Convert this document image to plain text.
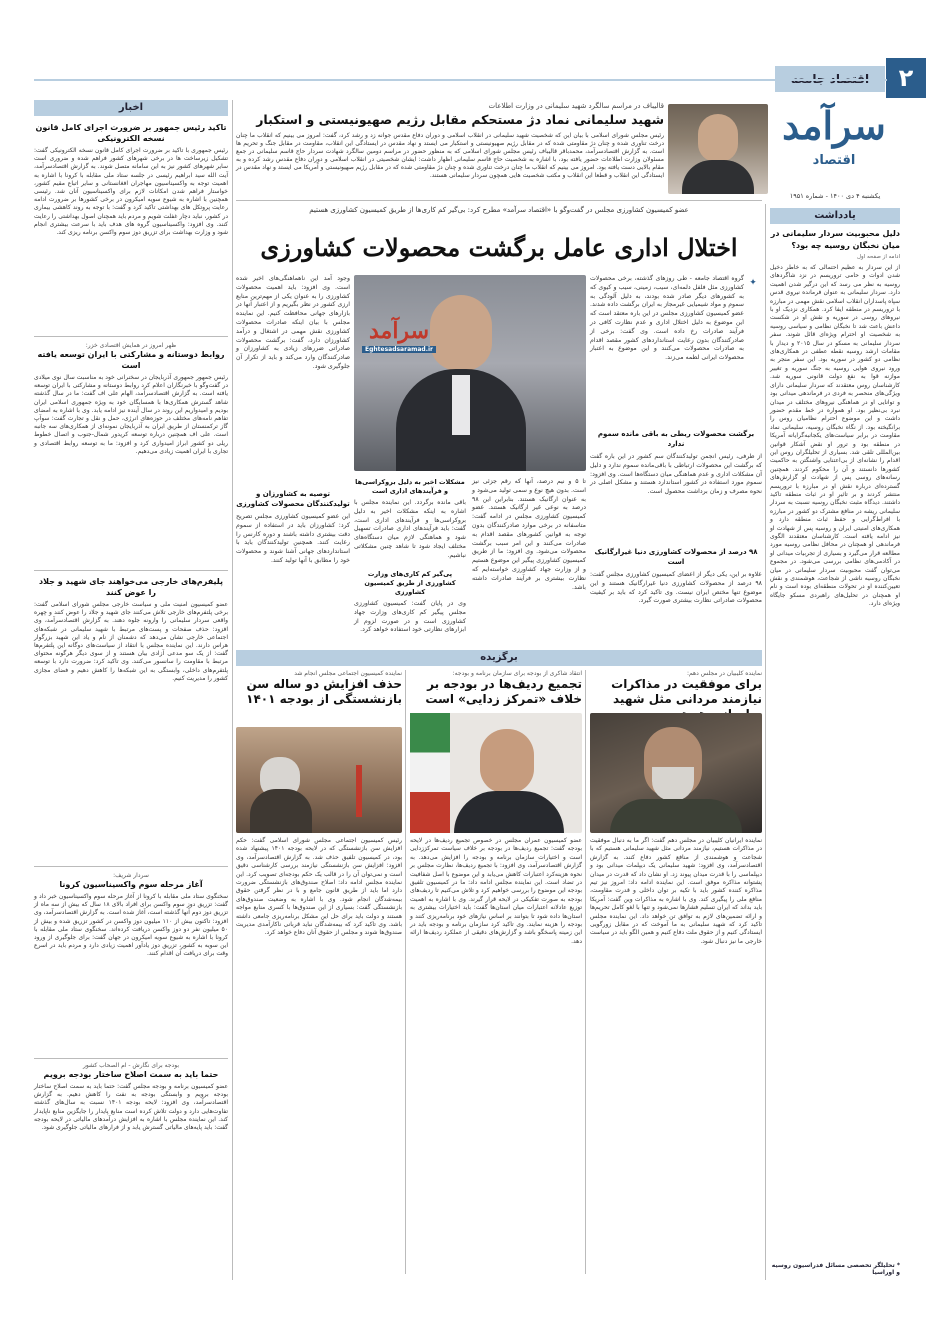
۲
سرآمد
اقتصاد
یکشنبه ۴ دی ۱۴۰۰ - شماره ۱۹۵۱
قالیباف در مراسم سالگرد شهید سلیمانی در وزارت اطلاعات
شهید سلیمانی نماد دژ مستحکم مقابل رژیم صهیونیستی و استکبار
رئیس مجلس شورای اسلامی با بیان این که شخصیت شهید سلیمانی در انقلاب اسلامی و دوران دفاع مقدس جوانه زد و رشد کرد، گفت: امروز می بینیم که انقلاب ما چنان درخت تناوری شده و چنان دژ مقاومتی شده که در مقابل رژیم صهیونیستی و استکبار می ایستد و نهاد مقدس در ایستادگی این انقلاب، مقاومت در مقابل جنگ و تحریم ها است. به گزارش اقتصادسرآمد، محمدباقر قالیباف رئیس مجلس شورای اسلامی که به منظور حضور در مراسم دومین سالگرد شهادت سردار حاج قاسم سلیمانی در جمع مسئولان وزارت اطلاعات حضور یافته بود، با اشاره به شخصیت حاج قاسم سلیمانی اظهار داشت: ایشان شخصیتی در انقلاب اسلامی و دوران دفاع مقدس رشد کرده و به مقام بالایی دست یافته بود. امروز می بینیم که انقلاب ما چنان درخت تناوری شده و چنان دژ مقاومتی شده که در مقابل رژیم صهیونیستی و آمریکا می ایستد و نهاد مقدس در ایستادگی این انقلاب و قطعا این انقلاب و مکتب شخصیت هایی همچون سردار سلیمانی هستند.
اخبار
تاکید رئیس جمهور بر ضرورت اجرای کامل قانون نسخه الکترونیکی
رئیس جمهوری با تاکید بر ضرورت اجرای کامل قانون نسخه الکترونیکی گفت: تشکیل زیرساخت ها در برخی شهرهای کشور فراهم شده و ضروری است سایر شهرهای کشور نیز به این سامانه متصل شوند. به گزارش اقتصادسرآمد، آیت الله سید ابراهیم رئیسی در جلسه ستاد ملی مقابله با کرونا با اشاره به اهمیت توجه به واکسیناسیون مهاجران افغانستانی و سایر اتباع مقیم کشور، خواستار فراهم شدن امکانات لازم برای واکسیناسیون آنان شد. رئیسی همچنین با اشاره به شیوع سویه امیکرون در برخی کشورها بر ضرورت ادامه رعایت پروتکل های بهداشتی تاکید کرد و گفت: با توجه به روند کاهشی بیماری در کشور، نباید دچار غفلت شویم و مردم باید همچنان اصول بهداشتی را رعایت کنند. وی افزود: واکسیناسیون گروه های هدف باید با سرعت بیشتری انجام شود و وزارت بهداشت برای تزریق دوز سوم واکسن برنامه ریزی کند.
ظهر امروز در همایش اقتصادی خزر:
روابط دوستانه و مشارکتی با ایران توسعه یافته است
رئیس جمهور جمهوری آذربایجان در سخنرانی خود به مناسبت سال نوی میلادی در گفت‌وگو با خبرنگاران اعلام کرد روابط دوستانه و مشارکتی با ایران توسعه یافته است. به گزارش اقتصادسرآمد، الهام علی اف گفت: ما در سال گذشته شاهد گسترش همکاری‌ها با همسایگان خود به ویژه جمهوری اسلامی ایران بودیم و امیدواریم این روند در سال آینده نیز ادامه یابد. وی با اشاره به امضای تفاهم نامه‌های مختلف در حوزه‌های انرژی، حمل و نقل و تجارت گفت: سوآپ گاز ترکمنستان از طریق ایران به آذربایجان نمونه‌ای از همکاری‌های سه جانبه است. علی اف همچنین درباره توسعه کریدور شمال-جنوب و اتصال خطوط ریلی دو کشور ابراز امیدواری کرد و افزود: ما به توسعه روابط اقتصادی و تجاری با ایران اهمیت زیادی می‌دهیم.
پلیفرم‌های خارجی می‌خواهند جای شهید و جلاد را عوض کنند
عضو کمیسیون امنیت ملی و سیاست خارجی مجلس شورای اسلامی گفت: برخی پلتفرم‌های خارجی تلاش می‌کنند جای شهید و جلاد را عوض کنند و چهره واقعی سردار سلیمانی را وارونه جلوه دهند. به گزارش اقتصادسرآمد، وی افزود: حذف صفحات و پست‌های مرتبط با شهید سلیمانی در شبکه‌های اجتماعی خارجی نشان می‌دهد که دشمنان از نام و یاد این شهید بزرگوار هراس دارند. این نماینده مجلس با انتقاد از سیاست‌های دوگانه این پلتفرم‌ها گفت: از یک سو مدعی آزادی بیان هستند و از سوی دیگر هرگونه محتوای مرتبط با مقاومت را سانسور می‌کنند. وی تاکید کرد: ضرورت دارد با توسعه پلتفرم‌های داخلی، وابستگی به این شبکه‌ها را کاهش دهیم و فضای مجازی کشور را مدیریت کنیم.
سردار شریف:
آغاز مرحله سوم واکسیناسیون کرونا
سخنگوی ستاد ملی مقابله با کرونا از آغاز مرحله سوم واکسیناسیون خبر داد و گفت: تزریق دوز سوم واکسن برای افراد بالای ۱۸ سال که بیش از سه ماه از تزریق دوز دوم آنها گذشته است، آغاز شده است. به گزارش اقتصادسرآمد، وی افزود: تاکنون بیش از ۱۱۰ میلیون دوز واکسن در کشور تزریق شده و بیش از ۵۰ میلیون نفر دو دوز واکسن دریافت کرده‌اند. سخنگوی ستاد ملی مقابله با کرونا با اشاره به شیوع سویه امیکرون در جهان گفت: برای جلوگیری از ورود این سویه به کشور، تزریق دوز یادآور اهمیت زیادی دارد و مردم باید در اسرع وقت برای دریافت آن اقدام کنند.
بودجه برای نگارش - ام الصحاب کشور
حتما باید به سمت اصلاح ساختار بودجه برویم
عضو کمیسیون برنامه و بودجه مجلس گفت: حتما باید به سمت اصلاح ساختار بودجه برویم و وابستگی بودجه به نفت را کاهش دهیم. به گزارش اقتصادسرآمد، وی افزود: لایحه بودجه ۱۴۰۱ نسبت به سال‌های گذشته تفاوت‌هایی دارد و دولت تلاش کرده است منابع پایدار را جایگزین منابع ناپایدار کند. این نماینده مجلس با اشاره به افزایش درآمدهای مالیاتی در لایحه بودجه گفت: باید پایه‌های مالیاتی گسترش یابد و از فرارهای مالیاتی جلوگیری شود.
یادداشت
دلیل محبوبیت سردار سلیمانی در میان نخبگان روسیه چه بود؟
ادامه از صفحه اول
از این سردار به عظیم احتمالی که به خاطر دخیل شدن ادوات و حامی تروریسم در نزد شاگردهای روسیه به نظر می رسد که این درگیر شدن اهمیت دارد. سردار سلیمانی به عنوان فرمانده نیروی قدس سپاه پاسداران انقلاب اسلامی نقش مهمی در مبارزه با تروریسم در منطقه ایفا کرد. همکاری نزدیک او با نیروهای روسی در سوریه و نقش او در شکست داعش باعث شد تا نخبگان نظامی و سیاسی روسیه به شخصیت او احترام ویژه‌ای قائل شوند. سفر سردار سلیمانی به مسکو در سال ۲۰۱۵ و دیدار با مقامات ارشد روسیه نقطه عطفی در همکاری‌های نظامی دو کشور در سوریه بود. این سفر منجر به ورود نیروی هوایی روسیه به جنگ سوریه و تغییر موازنه قوا به نفع دولت قانونی سوریه شد. کارشناسان روس معتقدند که سردار سلیمانی دارای ویژگی‌های منحصر به فردی در فرماندهی میدانی بود و توانایی او در هماهنگی نیروهای مختلف در میدان نبرد بی‌نظیر بود. او همواره در خط مقدم حضور داشت و این موضوع احترام نظامیان روس را برانگیخته بود. از نگاه نخبگان روسیه، سلیمانی نماد مقاومت در برابر سیاست‌های یکجانبه‌گرایانه آمریکا در منطقه بود و ترور او نقض آشکار قوانین بین‌المللی تلقی شد. بسیاری از تحلیلگران روس این اقدام را نشانه‌ای از بی‌اعتنایی واشنگتن به حاکمیت کشورها دانستند و آن را محکوم کردند. همچنین رسانه‌های روسی پس از شهادت او گزارش‌های گسترده‌ای درباره نقش او در مبارزه با تروریسم منتشر کردند و بر تاثیر او در ثبات منطقه تاکید داشتند. دیدگاه مثبت نخبگان روسیه نسبت به سردار سلیمانی ریشه در منافع مشترک دو کشور در مبارزه با افراط‌گرایی و حفظ ثبات منطقه دارد و همکاری‌های امنیتی ایران و روسیه پس از شهادت او نیز ادامه یافته است. کارشناسان معتقدند الگوی فرماندهی او همچنان در محافل نظامی روسیه مورد مطالعه قرار می‌گیرد و بسیاری از تجربیات میدانی او در آکادمی‌های نظامی بررسی می‌شود. در مجموع می‌توان گفت محبوبیت سردار سلیمانی در میان نخبگان روسیه ناشی از شجاعت، هوشمندی و نقش تعیین‌کننده او در تحولات منطقه‌ای بوده است و نام او همچنان در تحلیل‌های راهبردی مسکو جایگاه ویژه‌ای دارد.
* تحلیلگر تخصصی مسائل فدراسیون روسیه و اوراسیا
عضو کمیسیون کشاورزی مجلس در گفت‌وگو با «اقتصاد سرآمد» مطرح کرد: بی‌گیر کم کاری‌ها از طریق کمیسیون کشاورزی هستیم
اختلال اداری عامل برگشت محصولات کشاورزی
سرآمد
Eghtesadsaramad.ir
گروه اقتصاد جامعه - طی روزهای گذشته، برخی محصولات کشاورزی مثل فلفل دلمه‌ای، سیب، زمینی، سیب و کیوی که به کشورهای دیگر صادر شده بودند، به دلیل آلودگی به سموم و مواد شیمیایی غیرمجاز به ایران برگشت داده شدند. عضو کمیسیون کشاورزی مجلس در این باره معتقد است که این موضوع به دلیل اختلال اداری و عدم نظارت کافی در فرآیند صادرات رخ داده است. وی گفت: برخی از صادرکنندگان بدون رعایت استانداردهای کشور مقصد اقدام به صادرات محصولات می‌کنند و این موضوع به اعتبار محصولات ایرانی لطمه می‌زند.
برگشت محصولات ربطی به باقی مانده سموم ندارد
از طرفی، رئیس انجمن تولیدکنندگان سم کشور در این باره گفت که برگشت این محصولات ارتباطی با باقی‌مانده سموم ندارد و دلیل آن مشکلات اداری و عدم هماهنگی میان دستگاه‌ها است. وی افزود: سموم مورد استفاده در کشور استاندارد هستند و مشکل اصلی در نحوه مصرف و زمان برداشت محصول است.
۹۸ درصد از محصولات کشاورزی دنیا غیرارگانیک است
علاوه بر این، یکی دیگر از اعضای کمیسیون کشاورزی مجلس گفت: ۹۸ درصد از محصولات کشاورزی دنیا غیرارگانیک هستند و این موضوع تنها مختص ایران نیست. وی تاکید کرد که باید بر کیفیت محصولات صادراتی نظارت بیشتری صورت گیرد.
✦
وجود آمد این ناهماهنگی‌های اخیر شده است. وی افزود: باید اهمیت محصولات کشاورزی را به عنوان یکی از مهم‌ترین منابع ارزی کشور در نظر بگیریم و از اعتبار آنها در بازارهای جهانی محافظت کنیم. این نماینده مجلس با بیان اینکه صادرات محصولات کشاورزی نقش مهمی در اشتغال و درآمد کشاورزان دارد، گفت: برگشت محصولات صادراتی ضررهای زیادی به کشاورزان و صادرکنندگان وارد می‌کند و باید از تکرار آن جلوگیری شود.
توصیه به کشاورزان و تولیدکنندگان محصولات کشاورزی
این عضو کمیسیون کشاورزی مجلس تصریح کرد: کشاورزان باید در استفاده از سموم دقت بیشتری داشته باشند و دوره کارنس را رعایت کنند. همچنین تولیدکنندگان باید با استانداردهای جهانی آشنا شوند و محصولات خود را مطابق با آنها تولید کنند.
تا ۵ و نیم درصد، آنها که رقم جزئی نیز است. بدون هیچ نوع و سمی تولید می‌شود و به عنوان ارگانیک هستند. بنابراین این ۹۸ درصد به نوعی غیر ارگانیک هستند. عضو کمیسیون کشاورزی مجلس در ادامه گفت: متاسفانه در برخی موارد صادرکنندگان بدون توجه به قوانین کشورهای مقصد اقدام به صادرات می‌کنند و این امر سبب برگشت محصولات می‌شود. وی افزود: ما از طریق کمیسیون کشاورزی پیگیر این موضوع هستیم و از وزارت جهاد کشاورزی خواسته‌ایم که نظارت بیشتری بر فرآیند صادرات داشته باشد.
مشکلات اخیر به دلیل بروکراسی‌ها و فرآیندهای اداری است
باقی مانده برگردد. این نماینده مجلس با اشاره به اینکه مشکلات اخیر به دلیل بروکراسی‌ها و فرآیندهای اداری است، گفت: باید فرآیندهای اداری صادرات تسهیل شود و هماهنگی لازم میان دستگاه‌های مختلف ایجاد شود تا شاهد چنین مشکلاتی نباشیم.
پی‌گیر کم کاری‌های وزارت کشاورزی از طریق کمیسیون کشاورزی
وی در پایان گفت: کمیسیون کشاورزی مجلس پیگیر کم کاری‌های وزارت جهاد کشاورزی است و در صورت لزوم از ابزارهای نظارتی خود استفاده خواهد کرد.
برگزیده
نماینده کلیبیان در مجلس دهم:
برای موفقیت در مذاکرات نیازمند مردانی مثل شهید
نماینده ایرانیان کلیبیان در مجلس دهم گفت: اگر ما به دنبال موفقیت در مذاکرات هستیم، نیازمند مردانی مثل شهید سلیمانی هستیم که با شجاعت و هوشمندی از منافع کشور دفاع کنند. به گزارش اقتصادسرآمد، وی افزود: شهید سلیمانی یک دیپلمات میدانی بود و دیپلماسی را با قدرت میدان پیوند زد. او نشان داد که قدرت در میدان پشتوانه مذاکره موفق است. این نماینده ادامه داد: امروز نیز تیم مذاکره کننده کشور باید با تکیه بر توان داخلی و قدرت مقاومت، منافع ملی را پیگیری کند. وی با اشاره به مذاکرات وین گفت: آمریکا باید بداند که ایران تسلیم فشارها نمی‌شود و تنها با لغو کامل تحریم‌ها و ارائه تضمین‌های لازم به توافق تن خواهد داد. این نماینده مجلس تاکید کرد که شهید سلیمانی به ما آموخت که در مقابل زورگویی ایستادگی کنیم و از حقوق ملت دفاع کنیم و همین الگو باید در سیاست خارجی ما نیز دنبال شود.
انتقاد شاکری از بودجه برای سازمان برنامه و بودجه:
تجمیع ردیف‌ها در بودجه بر خلاف «تمرکز زدایی» است
عضو کمیسیون عمران مجلس در خصوص تجمیع ردیف‌ها در لایحه بودجه گفت: تجمیع ردیف‌ها در بودجه بر خلاف سیاست تمرکززدایی است و اختیارات سازمان برنامه و بودجه را افزایش می‌دهد. به گزارش اقتصادسرآمد، وی افزود: با تجمیع ردیف‌ها، نظارت مجلس بر نحوه هزینه‌کرد اعتبارات کاهش می‌یابد و این موضوع با اصل شفافیت در تضاد است. این نماینده مجلس ادامه داد: ما در کمیسیون تلفیق بودجه این موضوع را بررسی خواهیم کرد و تلاش می‌کنیم تا ردیف‌های بودجه به صورت تفکیکی در لایحه قرار گیرند. وی با اشاره به اهمیت توزیع عادلانه اعتبارات میان استان‌ها گفت: باید اختیارات بیشتری به استان‌ها داده شود تا بتوانند بر اساس نیازهای خود برنامه‌ریزی کنند و بودجه را هزینه نمایند. وی تاکید کرد سازمان برنامه و بودجه باید در این زمینه پاسخگو باشد و گزارش‌های دقیقی از عملکرد ردیف‌ها ارائه دهد.
نماینده کمیسیون اجتماعی مجلس انجام شد
حذف افزایش دو ساله سن بازنشستگی از بودجه ۱۴۰۱
رئیس کمیسیون اجتماعی مجلس شورای اسلامی گفت: حکم افزایش سن بازنشستگی که در لایحه بودجه ۱۴۰۱ پیشنهاد شده بود، در کمیسیون تلفیق حذف شد. به گزارش اقتصادسرآمد، وی افزود: افزایش سن بازنشستگی نیازمند بررسی کارشناسی دقیق است و نمی‌توان آن را در قالب یک حکم بودجه‌ای تصویب کرد. این نماینده مجلس ادامه داد: اصلاح صندوق‌های بازنشستگی ضرورت دارد اما باید از طریق قانون جامع و با در نظر گرفتن حقوق بیمه‌شدگان انجام شود. وی با اشاره به وضعیت صندوق‌های بازنشستگی گفت: بسیاری از این صندوق‌ها با کسری منابع مواجه هستند و دولت باید برای حل این مشکل برنامه‌ریزی جامعی داشته باشد. وی تاکید کرد که بیمه‌شدگان نباید قربانی ناکارآمدی مدیریت صندوق‌ها شوند و مجلس از حقوق آنان دفاع خواهد کرد.
